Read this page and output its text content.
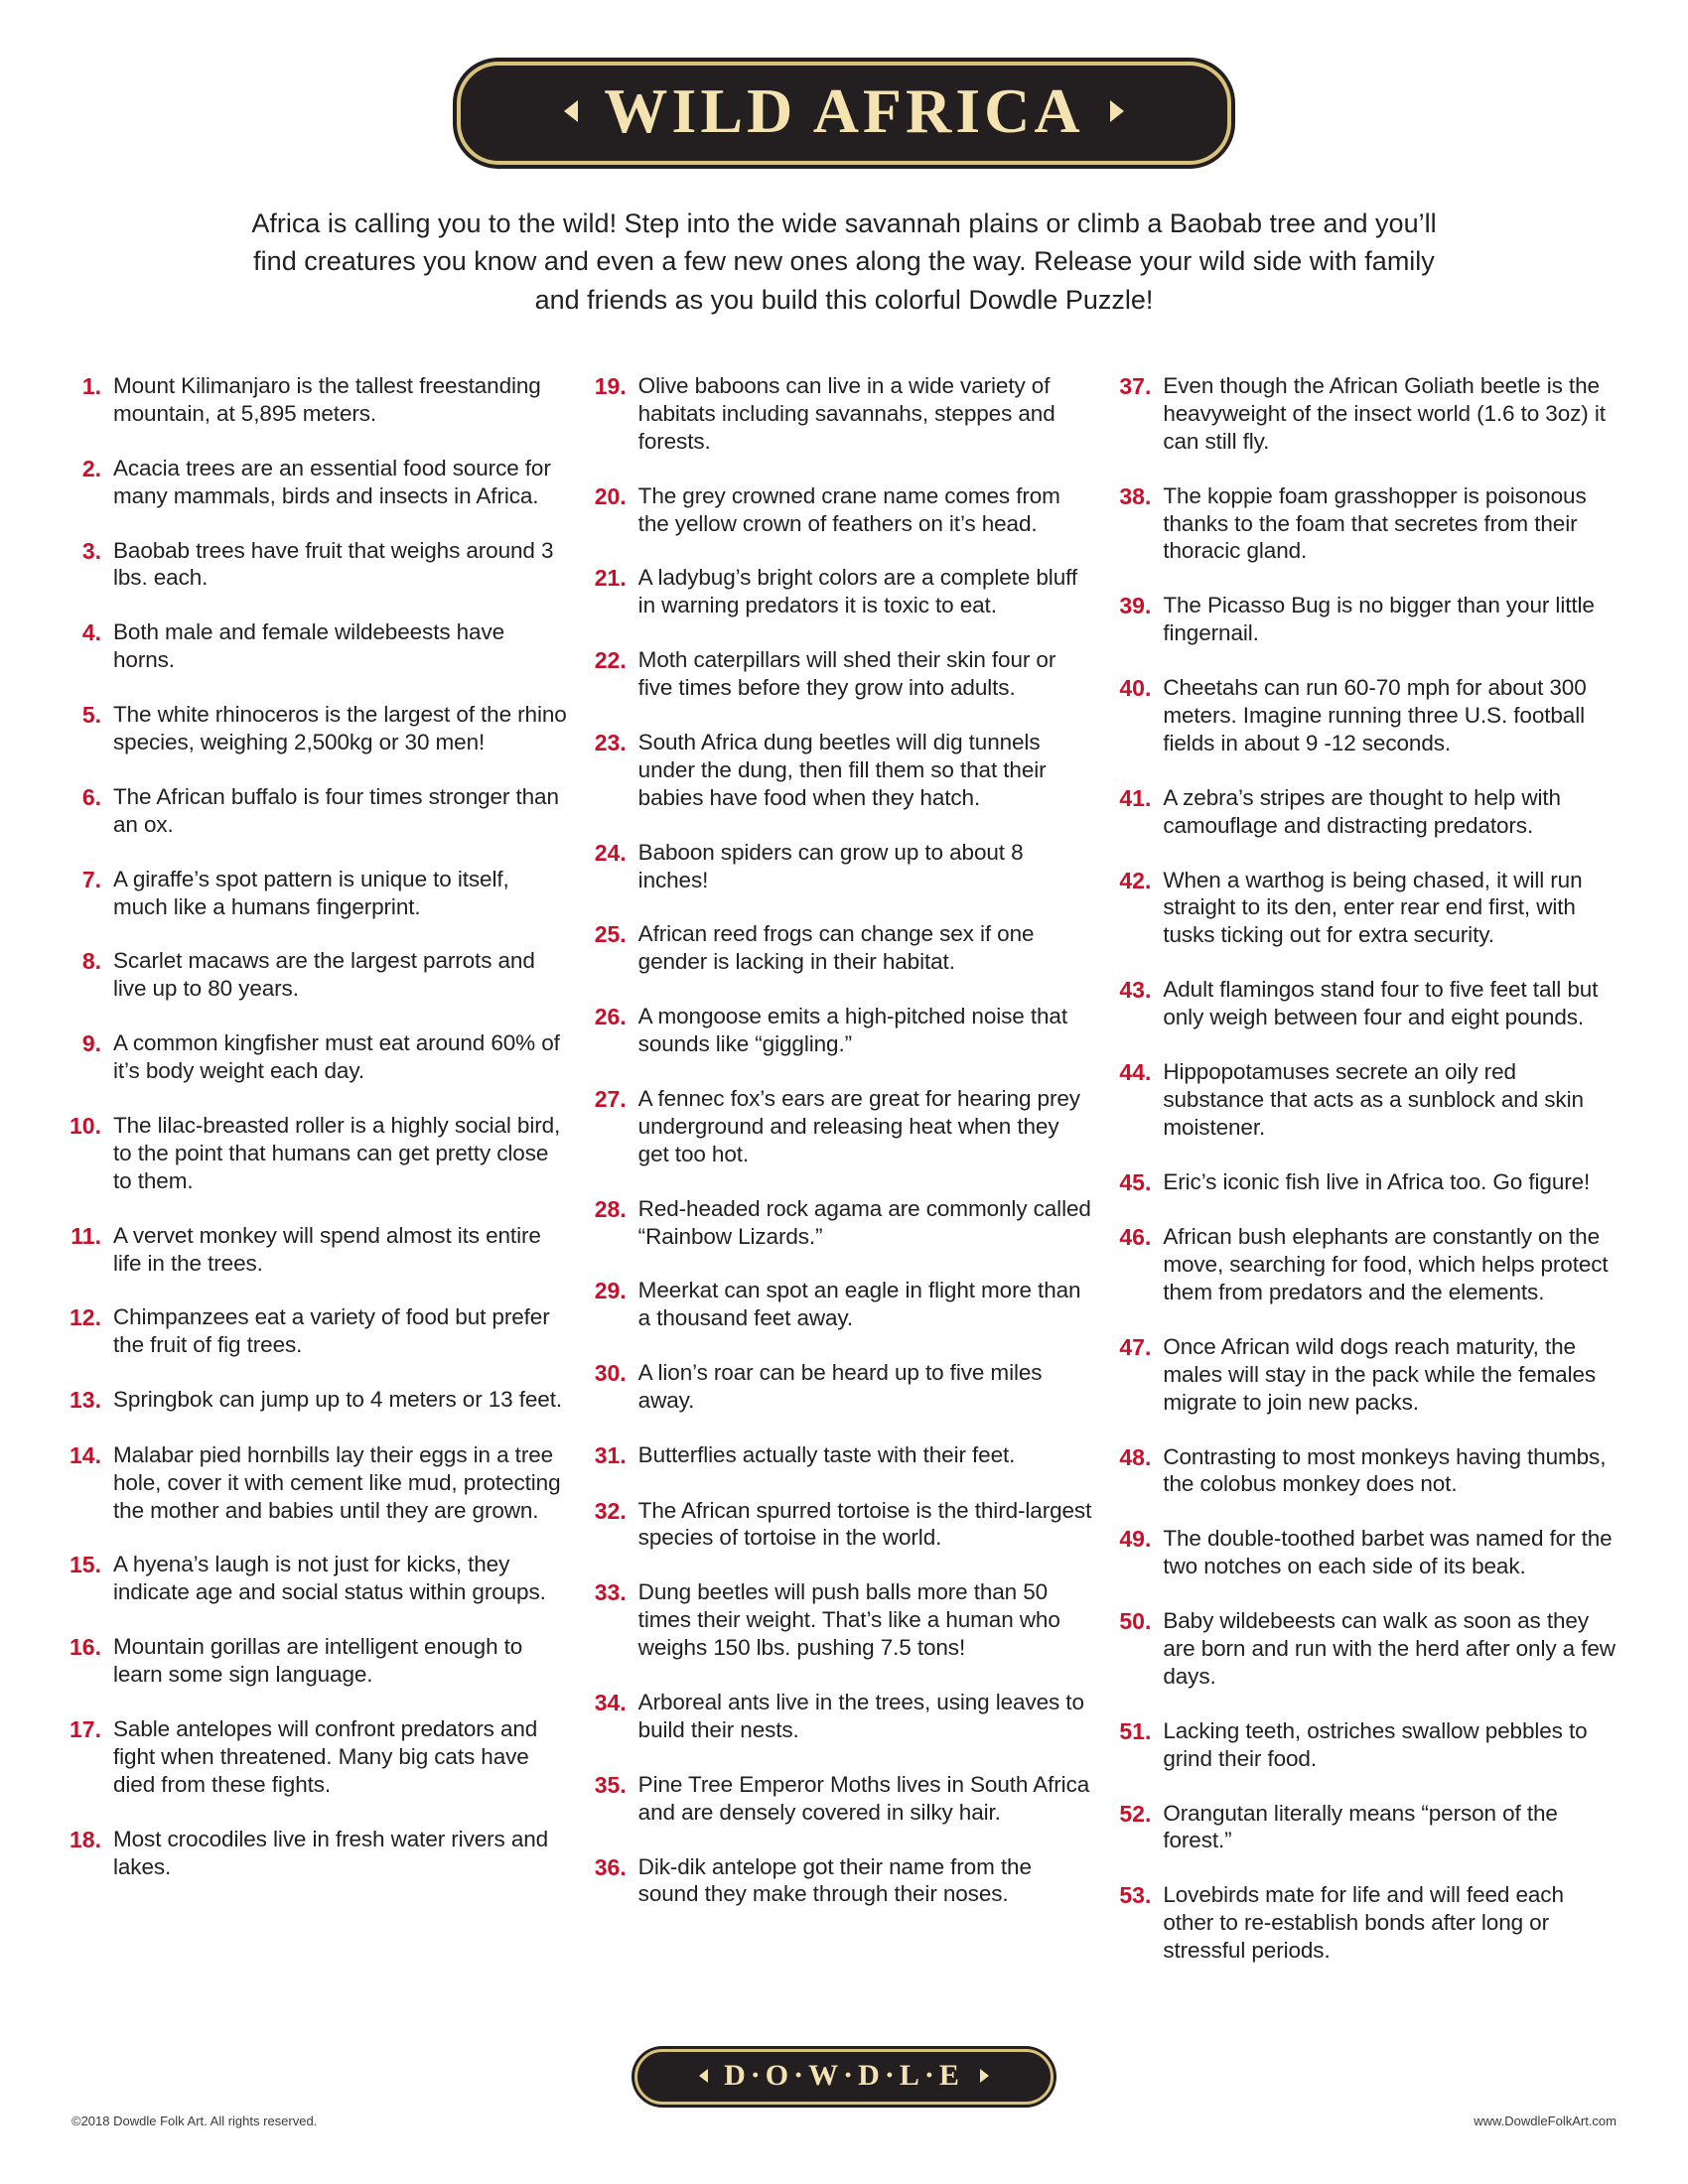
WILD AFRICA
Africa is calling you to the wild! Step into the wide savannah plains or climb a Baobab tree and you’ll find creatures you know and even a few new ones along the way. Release your wild side with family and friends as you build this colorful Dowdle Puzzle!
1. Mount Kilimanjaro is the tallest freestanding mountain, at 5,895 meters.
2. Acacia trees are an essential food source for many mammals, birds and insects in Africa.
3. Baobab trees have fruit that weighs around 3 lbs. each.
4. Both male and female wildebeests have horns.
5. The white rhinoceros is the largest of the rhino species, weighing 2,500kg or 30 men!
6. The African buffalo is four times stronger than an ox.
7. A giraffe’s spot pattern is unique to itself, much like a humans fingerprint.
8. Scarlet macaws are the largest parrots and live up to 80 years.
9. A common kingfisher must eat around 60% of it’s body weight each day.
10. The lilac-breasted roller is a highly social bird, to the point that humans can get pretty close to them.
11. A vervet monkey will spend almost its entire life in the trees.
12. Chimpanzees eat a variety of food but prefer the fruit of fig trees.
13. Springbok can jump up to 4 meters or 13 feet.
14. Malabar pied hornbills lay their eggs in a tree hole, cover it with cement like mud, protecting the mother and babies until they are grown.
15. A hyena’s laugh is not just for kicks, they indicate age and social status within groups.
16. Mountain gorillas are intelligent enough to learn some sign language.
17. Sable antelopes will confront predators and fight when threatened. Many big cats have died from these fights.
18. Most crocodiles live in fresh water rivers and lakes.
19. Olive baboons can live in a wide variety of habitats including savannahs, steppes and forests.
20. The grey crowned crane name comes from the yellow crown of feathers on it’s head.
21. A ladybug’s bright colors are a complete bluff in warning predators it is toxic to eat.
22. Moth caterpillars will shed their skin four or five times before they grow into adults.
23. South Africa dung beetles will dig tunnels under the dung, then fill them so that their babies have food when they hatch.
24. Baboon spiders can grow up to about 8 inches!
25. African reed frogs can change sex if one gender is lacking in their habitat.
26. A mongoose emits a high-pitched noise that sounds like “giggling.”
27. A fennec fox’s ears are great for hearing prey underground and releasing heat when they get too hot.
28. Red-headed rock agama are commonly called “Rainbow Lizards.”
29. Meerkat can spot an eagle in flight more than a thousand feet away.
30. A lion’s roar can be heard up to five miles away.
31. Butterflies actually taste with their feet.
32. The African spurred tortoise is the third-largest species of tortoise in the world.
33. Dung beetles will push balls more than 50 times their weight. That’s like a human who weighs 150 lbs. pushing 7.5 tons!
34. Arboreal ants live in the trees, using leaves to build their nests.
35. Pine Tree Emperor Moths lives in South Africa and are densely covered in silky hair.
36. Dik-dik antelope got their name from the sound they make through their noses.
37. Even though the African Goliath beetle is the heavyweight of the insect world (1.6 to 3oz) it can still fly.
38. The koppie foam grasshopper is poisonous thanks to the foam that secretes from their thoracic gland.
39. The Picasso Bug is no bigger than your little fingernail.
40. Cheetahs can run 60-70 mph for about 300 meters. Imagine running three U.S. football fields in about 9 -12 seconds.
41. A zebra’s stripes are thought to help with camouflage and distracting predators.
42. When a warthog is being chased, it will run straight to its den, enter rear end first, with tusks ticking out for extra security.
43. Adult flamingos stand four to five feet tall but only weigh between four and eight pounds.
44. Hippopotamuses secrete an oily red substance that acts as a sunblock and skin moistener.
45. Eric’s iconic fish live in Africa too. Go figure!
46. African bush elephants are constantly on the move, searching for food, which helps protect them from predators and the elements.
47. Once African wild dogs reach maturity, the males will stay in the pack while the females migrate to join new packs.
48. Contrasting to most monkeys having thumbs, the colobus monkey does not.
49. The double-toothed barbet was named for the two notches on each side of its beak.
50. Baby wildebeests can walk as soon as they are born and run with the herd after only a few days.
51. Lacking teeth, ostriches swallow pebbles to grind their food.
52. Orangutan literally means “person of the forest.”
53. Lovebirds mate for life and will feed each other to re-establish bonds after long or stressful periods.
D·O·W·D·L·E
©2018 Dowdle Folk Art. All rights reserved.	www.DowdleFolkArt.com
